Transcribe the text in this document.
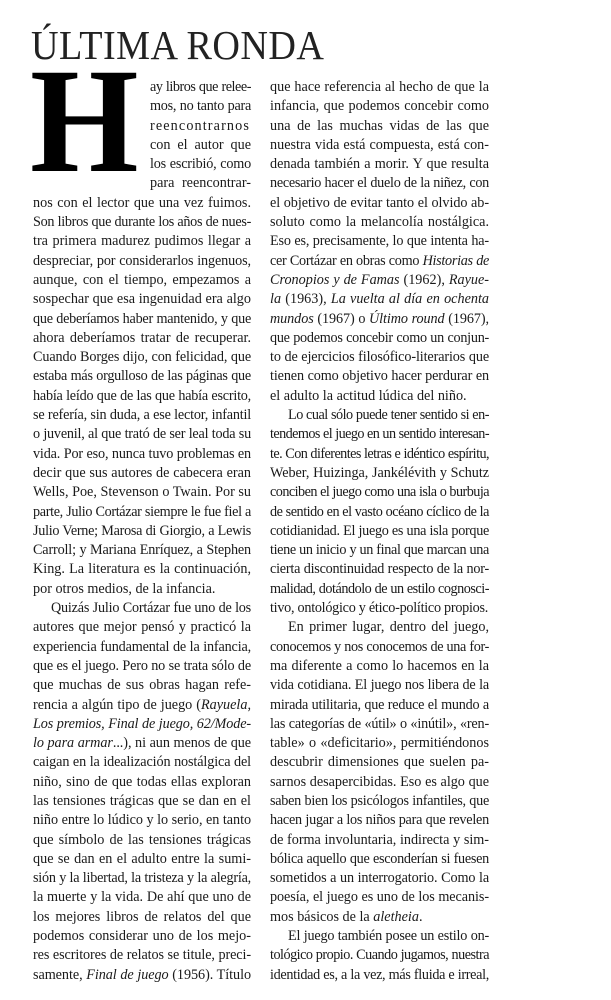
ÚLTIMA RONDA
H ay libros que relee-
mos, no tanto para
reencontrarnos
con el autor que
los escribió, como
para reencontrar-
nos con el lector que una vez fuimos.
Son libros que durante los años de nues-
tra primera madurez pudimos llegar a
despreciar, por considerarlos ingenuos,
aunque, con el tiempo, empezamos a
sospechar que esa ingenuidad era algo
que deberíamos haber mantenido, y que
ahora deberíamos tratar de recuperar.
Cuando Borges dijo, con felicidad, que
estaba más orgulloso de las páginas que
había leído que de las que había escrito,
se refería, sin duda, a ese lector, infantil
o juvenil, al que trató de ser leal toda su
vida. Por eso, nunca tuvo problemas en
decir que sus autores de cabecera eran
Wells, Poe, Stevenson o Twain. Por su
parte, Julio Cortázar siempre le fue fiel a
Julio Verne; Marosa di Giorgio, a Lewis
Carroll; y Mariana Enríquez, a Stephen
King. La literatura es la continuación,
por otros medios, de la infancia.
Quizás Julio Cortázar fue uno de los
autores que mejor pensó y practicó la
experiencia fundamental de la infancia,
que es el juego. Pero no se trata sólo de
que muchas de sus obras hagan refe-
rencia a algún tipo de juego (Rayuela,
Los premios, Final de juego, 62/Mode-
lo para armar...), ni aun menos de que
caigan en la idealización nostálgica del
niño, sino de que todas ellas exploran
las tensiones trágicas que se dan en el
niño entre lo lúdico y lo serio, en tanto
que símbolo de las tensiones trágicas
que se dan en el adulto entre la sumi-
sión y la libertad, la tristeza y la alegría,
la muerte y la vida. De ahí que uno de
los mejores libros de relatos del que
podemos considerar uno de los mejo-
res escritores de relatos se titule, preci-
samente, Final de juego (1956). Título
que hace referencia al hecho de que la
infancia, que podemos concebir como
una de las muchas vidas de las que
nuestra vida está compuesta, está con-
denada también a morir. Y que resulta
necesario hacer el duelo de la niñez, con
el objetivo de evitar tanto el olvido ab-
soluto como la melancolía nostálgica.
Eso es, precisamente, lo que intenta ha-
cer Cortázar en obras como Historias de
Cronopios y de Famas (1962), Rayue-
la (1963), La vuelta al día en ochenta
mundos (1967) o Último round (1967),
que podemos concebir como un conjun-
to de ejercicios filosófico-literarios que
tienen como objetivo hacer perdurar en
el adulto la actitud lúdica del niño.
Lo cual sólo puede tener sentido si en-
tendemos el juego en un sentido interesan-
te. Con diferentes letras e idéntico espíritu,
Weber, Huizinga, Jankélévith y Schutz
conciben el juego como una isla o burbuja
de sentido en el vasto océano cíclico de la
cotidianidad. El juego es una isla porque
tiene un inicio y un final que marcan una
cierta discontinuidad respecto de la nor-
malidad, dotándolo de un estilo cognosci-
tivo, ontológico y ético-político propios.
En primer lugar, dentro del juego,
conocemos y nos conocemos de una for-
ma diferente a como lo hacemos en la
vida cotidiana. El juego nos libera de la
mirada utilitaria, que reduce el mundo a
las categorías de «útil» o «inútil», «ren-
table» o «deficitario», permitiéndonos
descubrir dimensiones que suelen pa-
sarnos desapercibidas. Eso es algo que
saben bien los psicólogos infantiles, que
hacen jugar a los niños para que revelen
de forma involuntaria, indirecta y sim-
bólica aquello que esconderían si fuesen
sometidos a un interrogatorio. Como la
poesía, el juego es uno de los mecanis-
mos básicos de la aletheia.
El juego también posee un estilo on-
tológico propio. Cuando jugamos, nuestra
identidad es, a la vez, más fluida e irreal,
